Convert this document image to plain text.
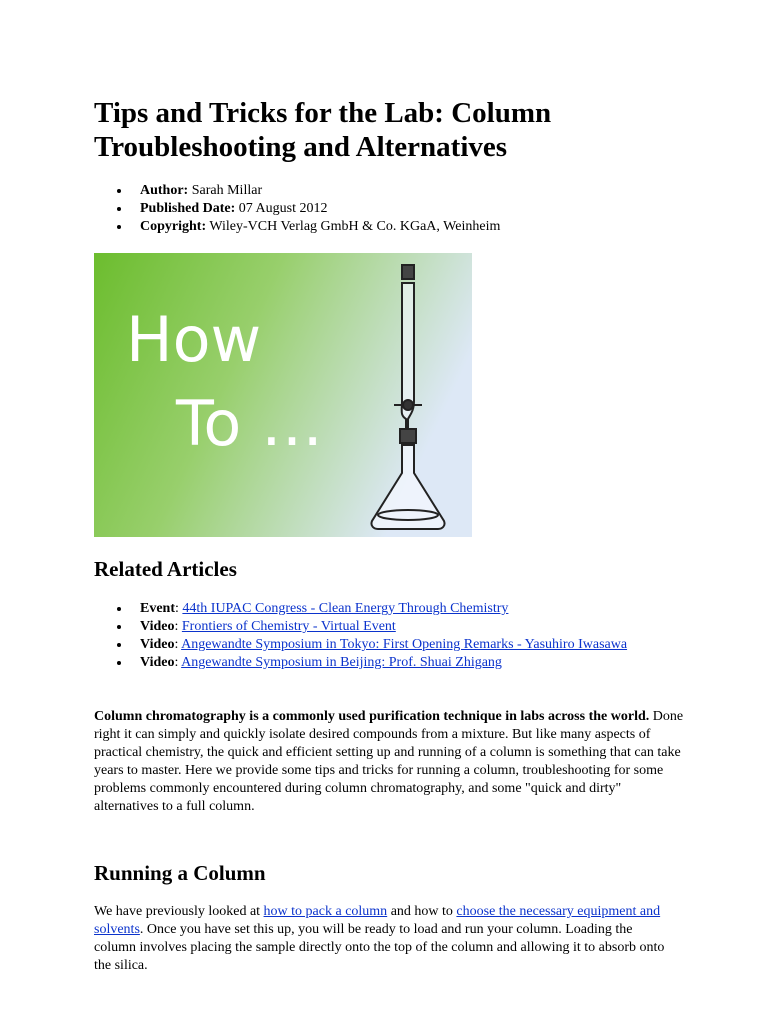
Tips and Tricks for the Lab: Column Troubleshooting and Alternatives
Author: Sarah Millar
Published Date: 07 August 2012
Copyright: Wiley-VCH Verlag GmbH & Co. KGaA, Weinheim
How
To …
Related Articles
Event: 44th IUPAC Congress - Clean Energy Through Chemistry
Video: Frontiers of Chemistry - Virtual Event
Video: Angewandte Symposium in Tokyo: First Opening Remarks - Yasuhiro Iwasawa
Video: Angewandte Symposium in Beijing: Prof. Shuai Zhigang

Column chromatography is a commonly used purification technique in labs across the world. Done right it can simply and quickly isolate desired compounds from a mixture. But like many aspects of practical chemistry, the quick and efficient setting up and running of a column is something that can take years to master. Here we provide some tips and tricks for running a column, troubleshooting for some problems commonly encountered during column chromatography, and some "quick and dirty" alternatives to a full column.

Running a Column

We have previously looked at how to pack a column and how to choose the necessary equipment and solvents. Once you have set this up, you will be ready to load and run your column. Loading the column involves placing the sample directly onto the top of the column and allowing it to absorb onto the silica.
